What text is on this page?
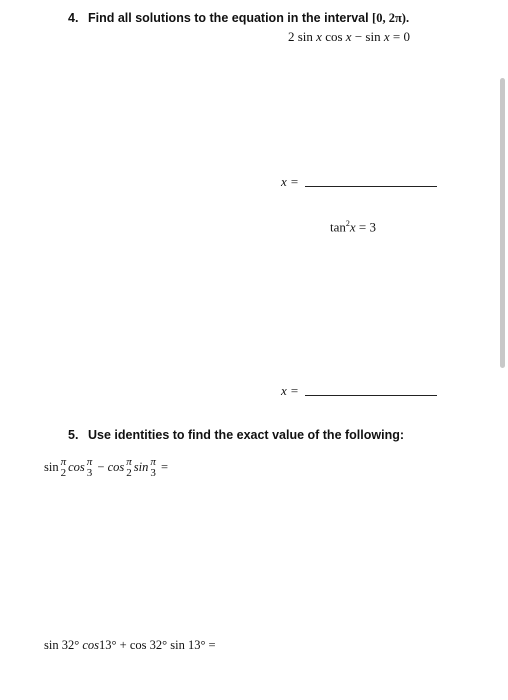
4. Find all solutions to the equation in the interval [0, 2π).
2 sin x cos x − sin x = 0
x =
$\tan^2x = 3$
x =
5. Use identities to find the exact value of the following:
sin π
2 cos π
3 − cos π
2 sin π
3 =
sin 32° cos13° + cos 32° sin 13° =
